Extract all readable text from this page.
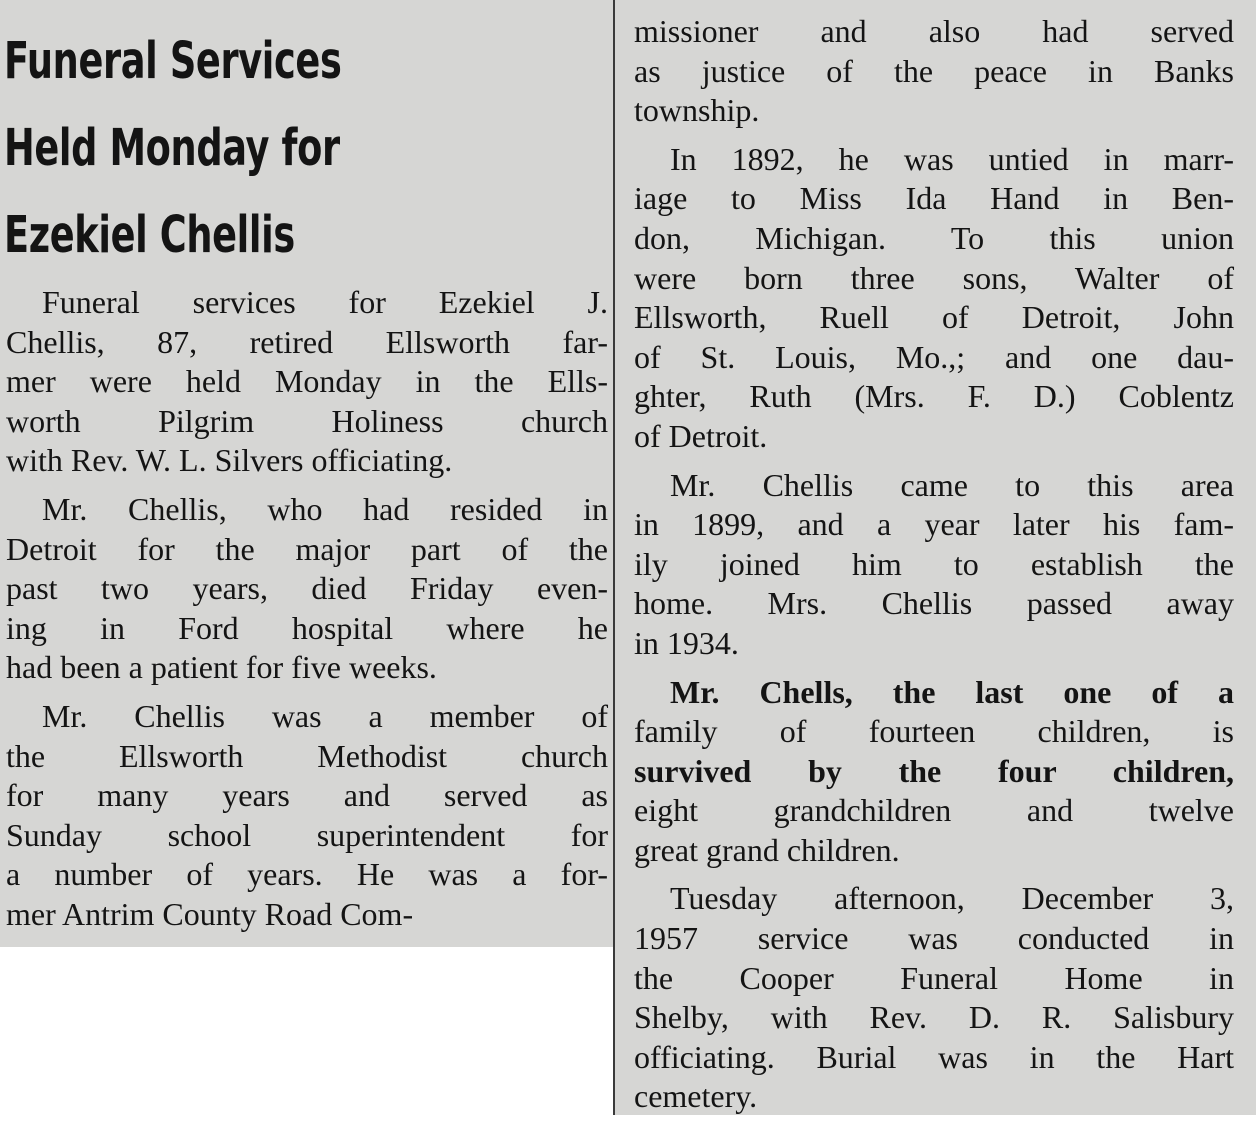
Funeral Services
Held Monday for
Ezekiel Chellis
Funeral services for Ezekiel J.
Chellis, 87, retired Ellsworth far-
mer were held Monday in the Ells-
worth Pilgrim Holiness church
with Rev. W. L. Silvers officiating.
Mr. Chellis, who had resided in
Detroit for the major part of the
past two years, died Friday even-
ing in Ford hospital where he
had been a patient for five weeks.
Mr. Chellis was a member of
the Ellsworth Methodist church
for many years and served as
Sunday school superintendent for
a number of years. He was a for-
mer Antrim County Road Com-
missioner and also had served
as justice of the peace in Banks
township.
In 1892, he was untied in marr-
iage to Miss Ida Hand in Ben-
don, Michigan. To this union
were born three sons, Walter of
Ellsworth, Ruell of Detroit, John
of St. Louis, Mo.,; and one dau-
ghter, Ruth (Mrs. F. D.) Coblentz
of Detroit.
Mr. Chellis came to this area
in 1899, and a year later his fam-
ily joined him to establish the
home. Mrs. Chellis passed away
in 1934.
Mr. Chells, the last one of a
family of fourteen children, is
survived by the four children,
eight grandchildren and twelve
great grand children.
Tuesday afternoon, December 3,
1957 service was conducted in
the Cooper Funeral Home in
Shelby, with Rev. D. R. Salisbury
officiating. Burial was in the Hart
cemetery.
